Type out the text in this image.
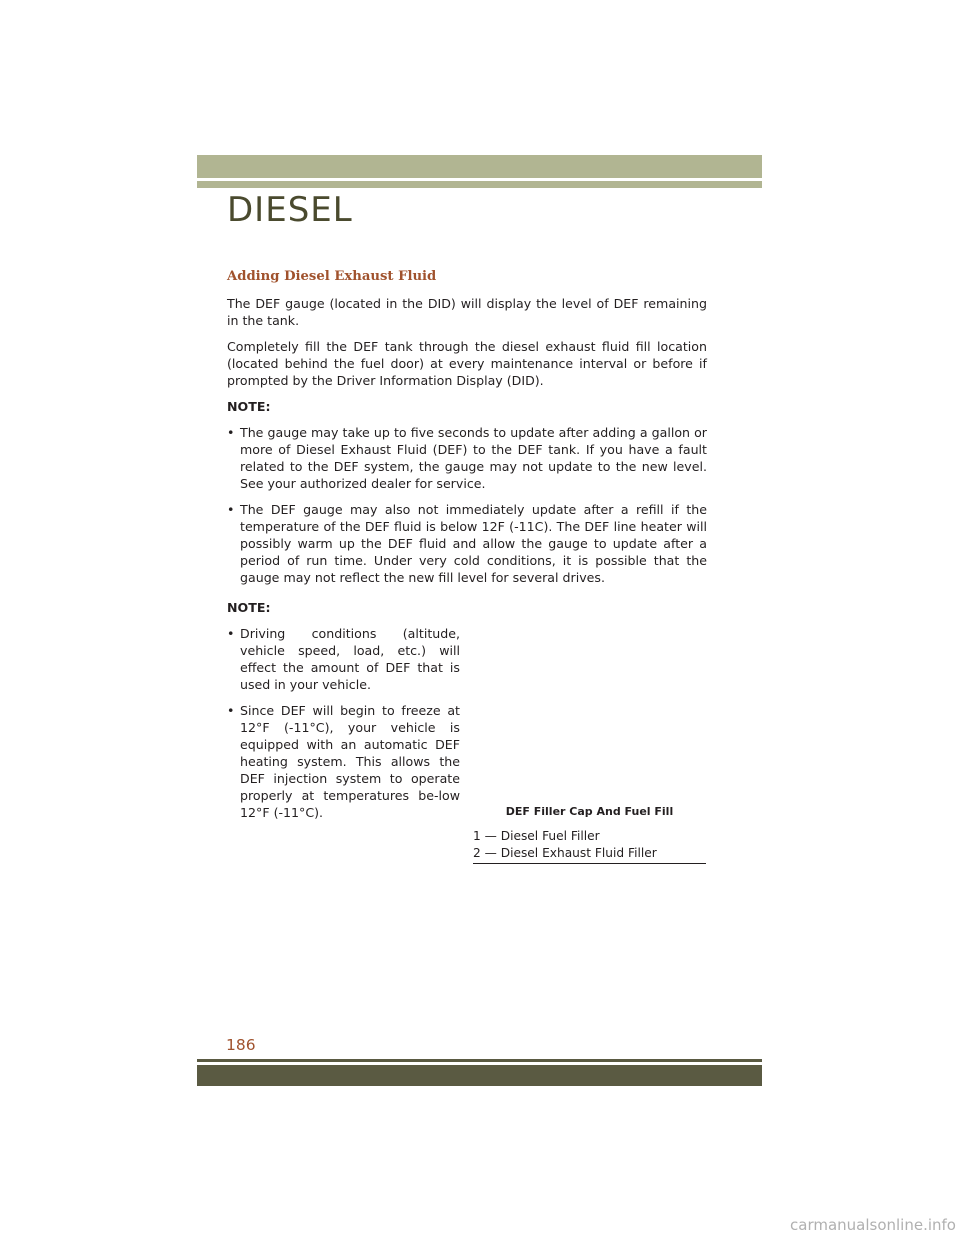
DIESEL
Adding Diesel Exhaust Fluid

The DEF gauge (located in the DID) will display the level of DEF remaining in the tank.

Completely fill the DEF tank through the diesel exhaust fluid fill location (located behind the fuel door) at every maintenance interval or before if prompted by the Driver Information Display (DID).

NOTE:
• The gauge may take up to five seconds to update after adding a gallon or more of Diesel Exhaust Fluid (DEF) to the DEF tank. If you have a fault related to the DEF system, the gauge may not update to the new level. See your authorized dealer for service.
• The DEF gauge may also not immediately update after a refill if the temperature of the DEF fluid is below 12F (-11C). The DEF line heater will possibly warm up the DEF fluid and allow the gauge to update after a period of run time. Under very cold conditions, it is possible that the gauge may not reflect the new fill level for several drives.
NOTE:
• Driving conditions (altitude, vehicle speed, load, etc.) will effect the amount of DEF that is used in your vehicle.
• Since DEF will begin to freeze at 12°F (-11°C), your vehicle is equipped with an automatic DEF heating system. This allows the DEF injection system to operate properly at temperatures be-low 12°F (-11°C).	DEF Filler Cap And Fuel Fill
1 — Diesel Fuel Filler
2 — Diesel Exhaust Fluid Filler
186
carmanualsonline.info
